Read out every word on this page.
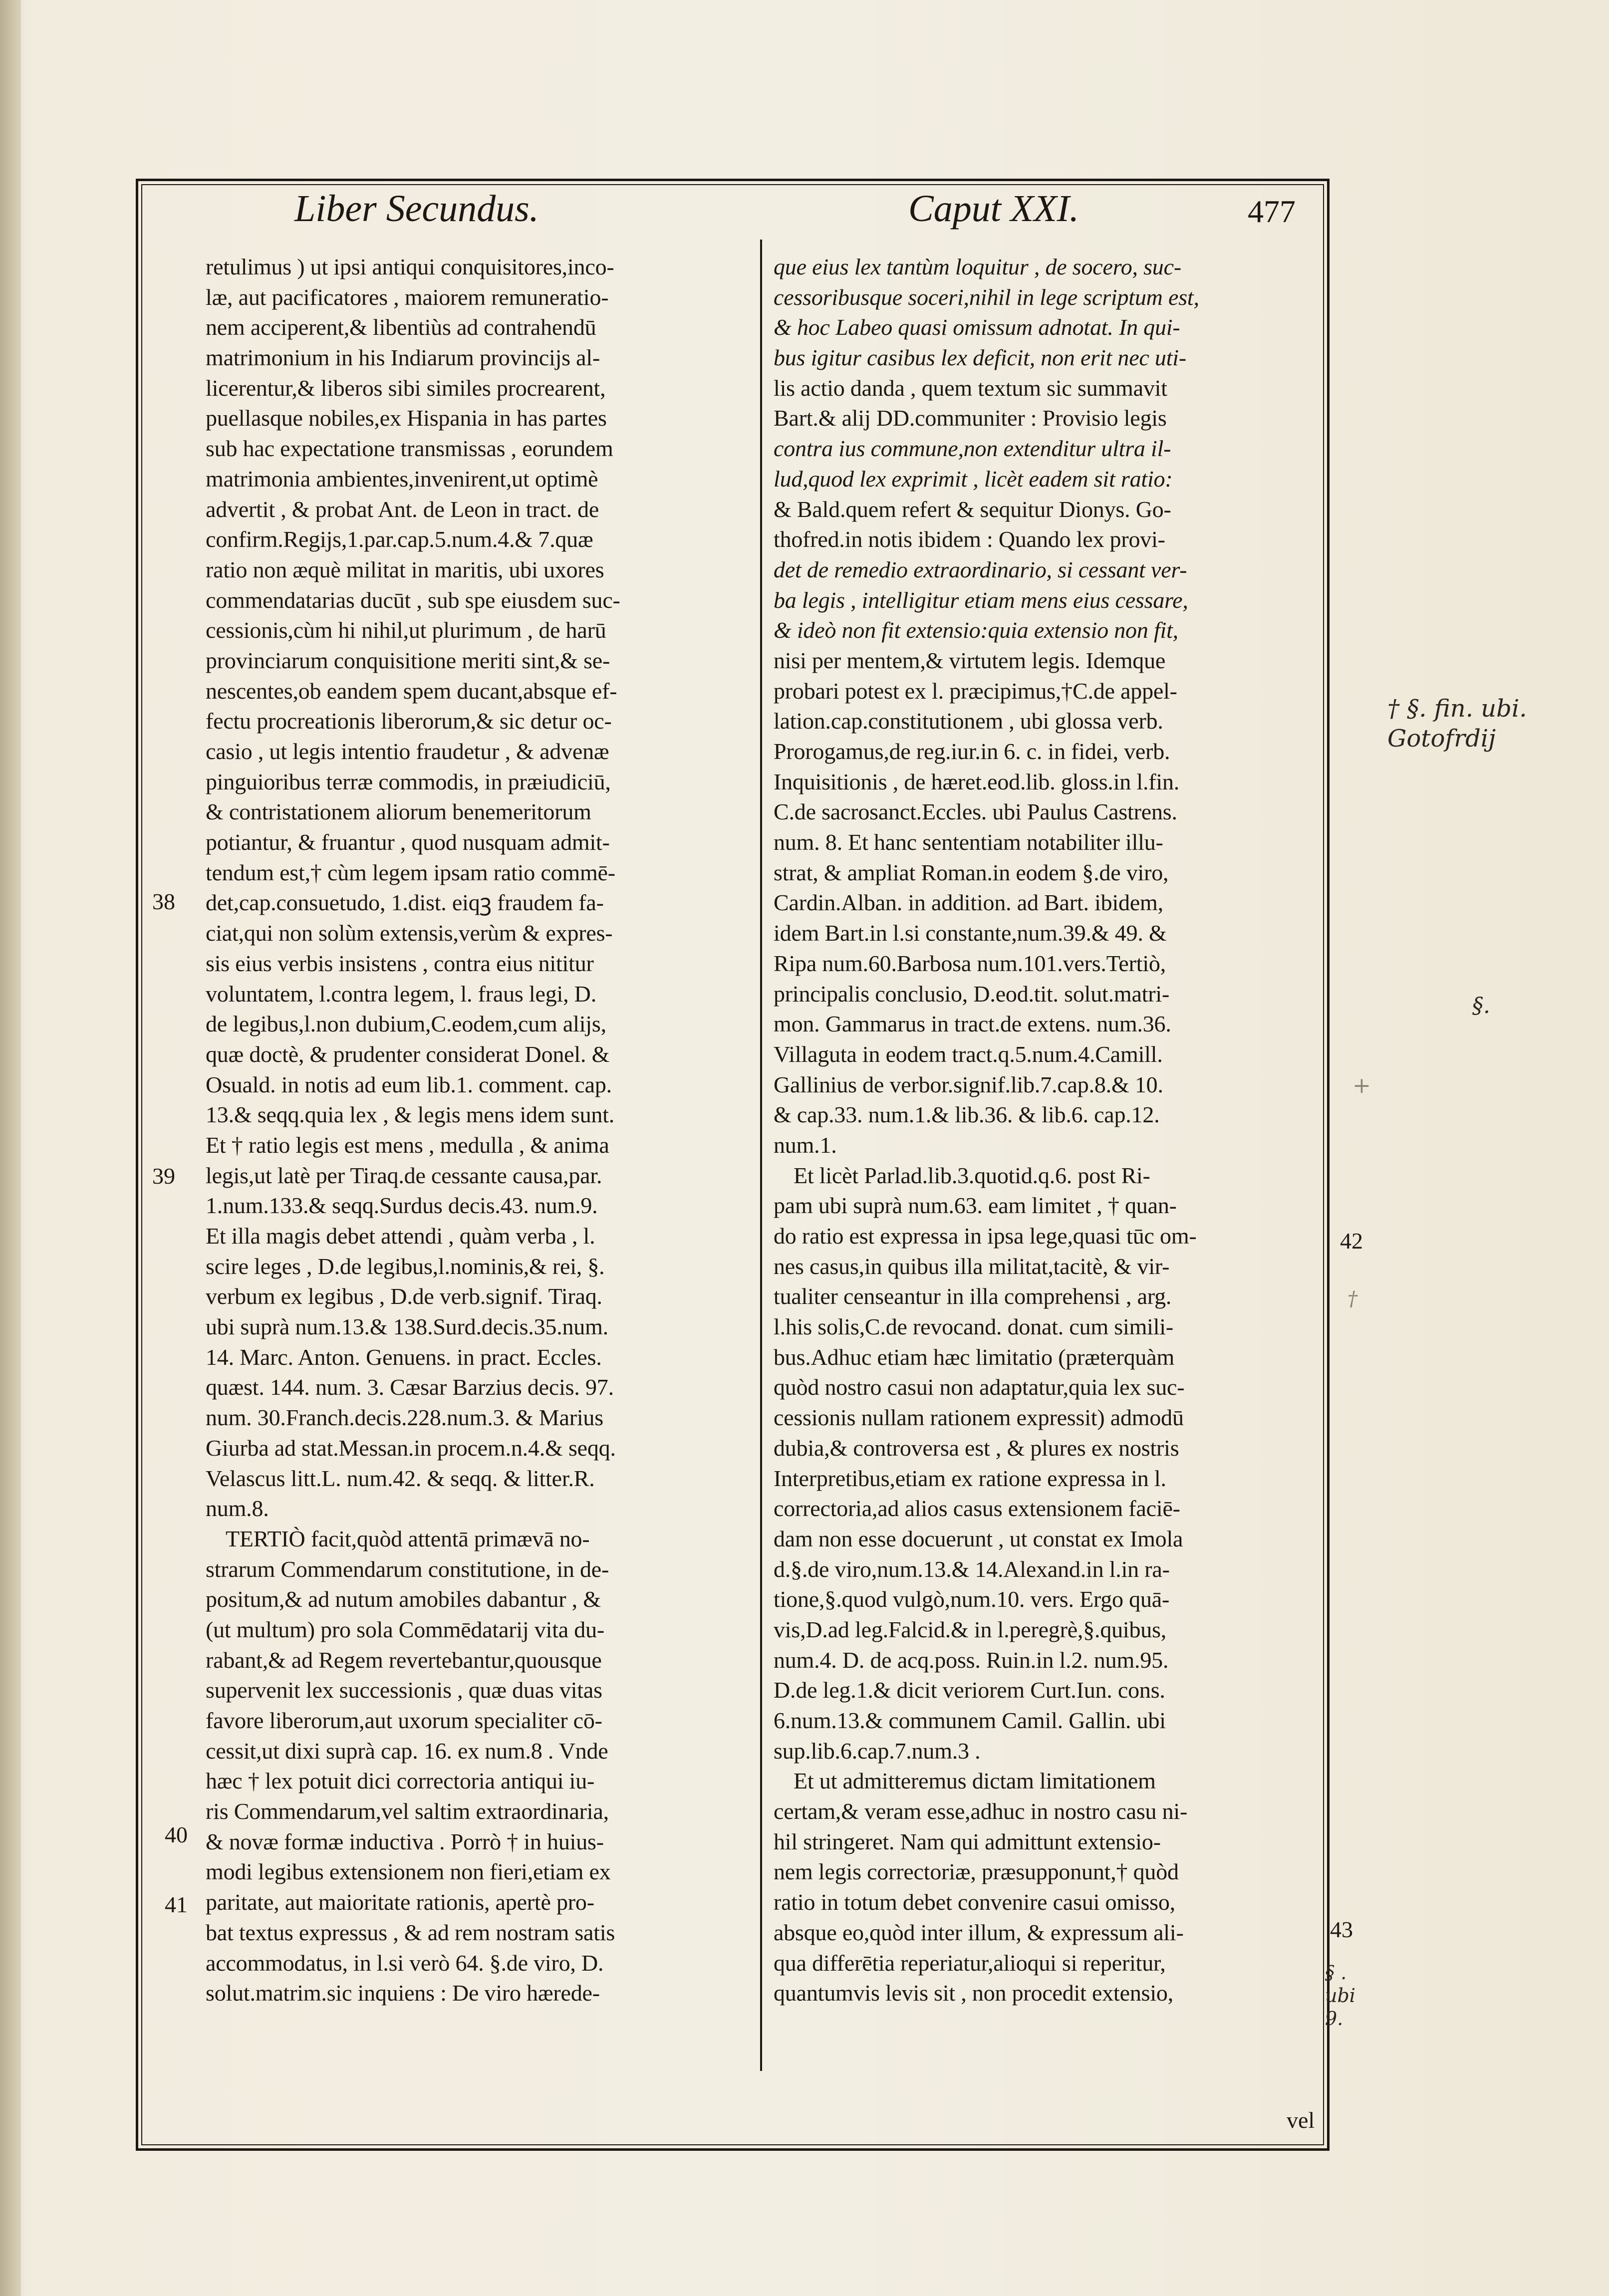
Liber Secundus.	Caput XXI.	477
retulimus ) ut ipsi antiqui conquisitores,inco-
læ, aut pacificatores , maiorem remuneratio-
nem acciperent,& libentiùs ad contrahendū
matrimonium in his Indiarum provincijs al-
licerentur,& liberos sibi similes procrearent,
puellasque nobiles,ex Hispania in has partes
sub hac expectatione transmissas , eorundem
matrimonia ambientes,invenirent,ut optimè
advertit , & probat Ant. de Leon in tract. de
confirm.Regijs,1.par.cap.5.num.4.& 7.quæ
ratio non æquè militat in maritis, ubi uxores
commendatarias ducūt , sub spe eiusdem suc-
cessionis,cùm hi nihil,ut plurimum , de harū
provinciarum conquisitione meriti sint,& se-
nescentes,ob eandem spem ducant,absque ef-
fectu procreationis liberorum,& sic detur oc-
casio , ut legis intentio fraudetur , & advenæ
pinguioribus terræ commodis, in præiudiciū,
& contristationem aliorum benemeritorum
potiantur, & fruantur , quod nusquam admit-
tendum est,† cùm legem ipsam ratio commē-
det,cap.consuetudo, 1.dist. eiqꝫ fraudem fa-
ciat,qui non solùm extensis,verùm & expres-
sis eius verbis insistens , contra eius nititur
voluntatem, l.contra legem, l. fraus legi, D.
de legibus,l.non dubium,C.eodem,cum alijs,
quæ doctè, & prudenter considerat Donel. &
Osuald. in notis ad eum lib.1. comment. cap.
13.& seqq.quia lex , & legis mens idem sunt.
Et † ratio legis est mens , medulla , & anima
legis,ut latè per Tiraq.de cessante causa,par.
1.num.133.& seqq.Surdus decis.43. num.9.
Et illa magis debet attendi , quàm verba , l.
scire leges , D.de legibus,l.nominis,& rei, §.
verbum ex legibus , D.de verb.signif. Tiraq.
ubi suprà num.13.& 138.Surd.decis.35.num.
14. Marc. Anton. Genuens. in pract. Eccles.
quæst. 144. num. 3. Cæsar Barzius decis. 97.
num. 30.Franch.decis.228.num.3. & Marius
Giurba ad stat.Messan.in procem.n.4.& seqq.
Velascus litt.L. num.42. & seqq. & litter.R.
num.8.
TERTIÒ facit,quòd attentā primævā no-
strarum Commendarum constitutione, in de-
positum,& ad nutum amobiles dabantur , &
(ut multum) pro sola Commēdatarij vita du-
rabant,& ad Regem revertebantur,quousque
supervenit lex successionis , quæ duas vitas
favore liberorum,aut uxorum specialiter cō-
cessit,ut dixi suprà cap. 16. ex num.8 . Vnde
hæc † lex potuit dici correctoria antiqui iu-
ris Commendarum,vel saltim extraordinaria,
& novæ formæ inductiva . Porrò † in huius-
modi legibus extensionem non fieri,etiam ex
paritate, aut maioritate rationis, apertè pro-
bat textus expressus , & ad rem nostram satis
accommodatus, in l.si verò 64. §.de viro, D.
solut.matrim.sic inquiens : De viro hærede-
que eius lex tantùm loquitur , de socero, suc-
cessoribusque soceri,nihil in lege scriptum est,
& hoc Labeo quasi omissum adnotat. In qui-
bus igitur casibus lex deficit, non erit nec uti-
lis actio danda , quem textum sic summavit
Bart.& alij DD.communiter : Provisio legis
contra ius commune,non extenditur ultra il-
lud,quod lex exprimit , licèt eadem sit ratio:
& Bald.quem refert & sequitur Dionys. Go-
thofred.in notis ibidem : Quando lex provi-
det de remedio extraordinario, si cessant ver-
ba legis , intelligitur etiam mens eius cessare,
& ideò non fit extensio:quia extensio non fit,
nisi per mentem,& virtutem legis. Idemque
probari potest ex l. præcipimus,†C.de appel-
lation.cap.constitutionem , ubi glossa verb.
Prorogamus,de reg.iur.in 6. c. in fidei, verb.
Inquisitionis , de hæret.eod.lib. gloss.in l.fin.
C.de sacrosanct.Eccles. ubi Paulus Castrens.
num. 8. Et hanc sententiam notabiliter illu-
strat, & ampliat Roman.in eodem §.de viro,
Cardin.Alban. in addition. ad Bart. ibidem,
idem Bart.in l.si constante,num.39.& 49. &
Ripa num.60.Barbosa num.101.vers.Tertiò,
principalis conclusio, D.eod.tit. solut.matri-
mon. Gammarus in tract.de extens. num.36.
Villaguta in eodem tract.q.5.num.4.Camill.
Gallinius de verbor.signif.lib.7.cap.8.& 10.
& cap.33. num.1.& lib.36. & lib.6. cap.12.
num.1.
Et licèt Parlad.lib.3.quotid.q.6. post Ri-
pam ubi suprà num.63. eam limitet , † quan-
do ratio est expressa in ipsa lege,quasi tūc om-
nes casus,in quibus illa militat,tacitè, & vir-
tualiter censeantur in illa comprehensi , arg.
l.his solis,C.de revocand. donat. cum simili-
bus.Adhuc etiam hæc limitatio (præterquàm
quòd nostro casui non adaptatur,quia lex suc-
cessionis nullam rationem expressit) admodū
dubia,& controversa est , & plures ex nostris
Interpretibus,etiam ex ratione expressa in l.
correctoria,ad alios casus extensionem faciē-
dam non esse docuerunt , ut constat ex Imola
d.§.de viro,num.13.& 14.Alexand.in l.in ra-
tione,§.quod vulgò,num.10. vers. Ergo quā-
vis,D.ad leg.Falcid.& in l.peregrè,§.quibus,
num.4. D. de acq.poss. Ruin.in l.2. num.95.
D.de leg.1.& dicit veriorem Curt.Iun. cons.
6.num.13.& communem Camil. Gallin. ubi
sup.lib.6.cap.7.num.3 .
Et ut admitteremus dictam limitationem
certam,& veram esse,adhuc in nostro casu ni-
hil stringeret. Nam qui admittunt extensio-
nem legis correctoriæ, præsupponunt,† quòd
ratio in totum debet convenire casui omisso,
absque eo,quòd inter illum, & expressum ali-
qua differētia reperiatur,alioqui si reperitur,
quantumvis levis sit , non procedit extensio,
38
39
40
41
42
43
† §. fin. ubi. Gotofrdij
§.
+
†
§ . ubi 9.
vel
